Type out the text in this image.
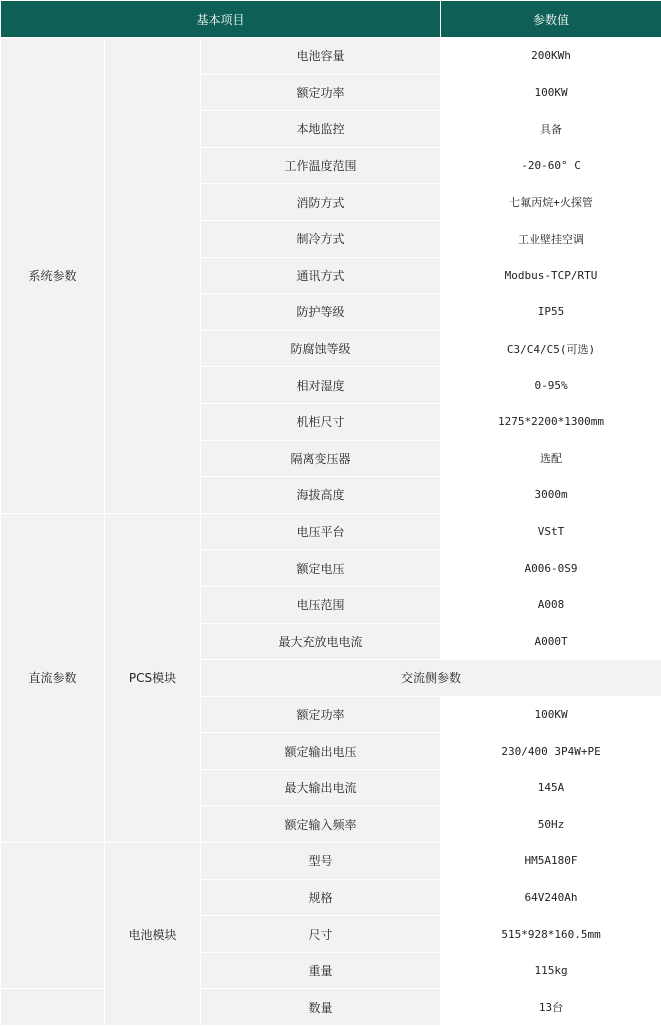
基本项目			参数值
系统参数		电池容量	200KWh
		额定功率	100KW
		本地监控	具备
		工作温度范围	-20-60° C
		消防方式	七氟丙烷+火探管
		制冷方式	工业壁挂空调
		通讯方式	Modbus-TCP/RTU
		防护等级	IP55
		防腐蚀等级	C3/C4/C5(可选)
		相对湿度	0-95%
		机柜尺寸	1275*2200*1300mm
		隔离变压器	选配
		海拔高度	3000m
直流参数	PCS模块	电压平台	VStT
		额定电压	A006-0S9
		电压范围	A008
		最大充放电电流	A000T
		交流侧参数	
		额定功率	100KW
		额定输出电压	230/400 3P4W+PE
		最大输出电流	145A
		额定输入频率	50Hz
	电池模块	型号	HM5A180F
		规格	64V240Ah
		尺寸	515*928*160.5mm
		重量	115kg
		数量	13台
